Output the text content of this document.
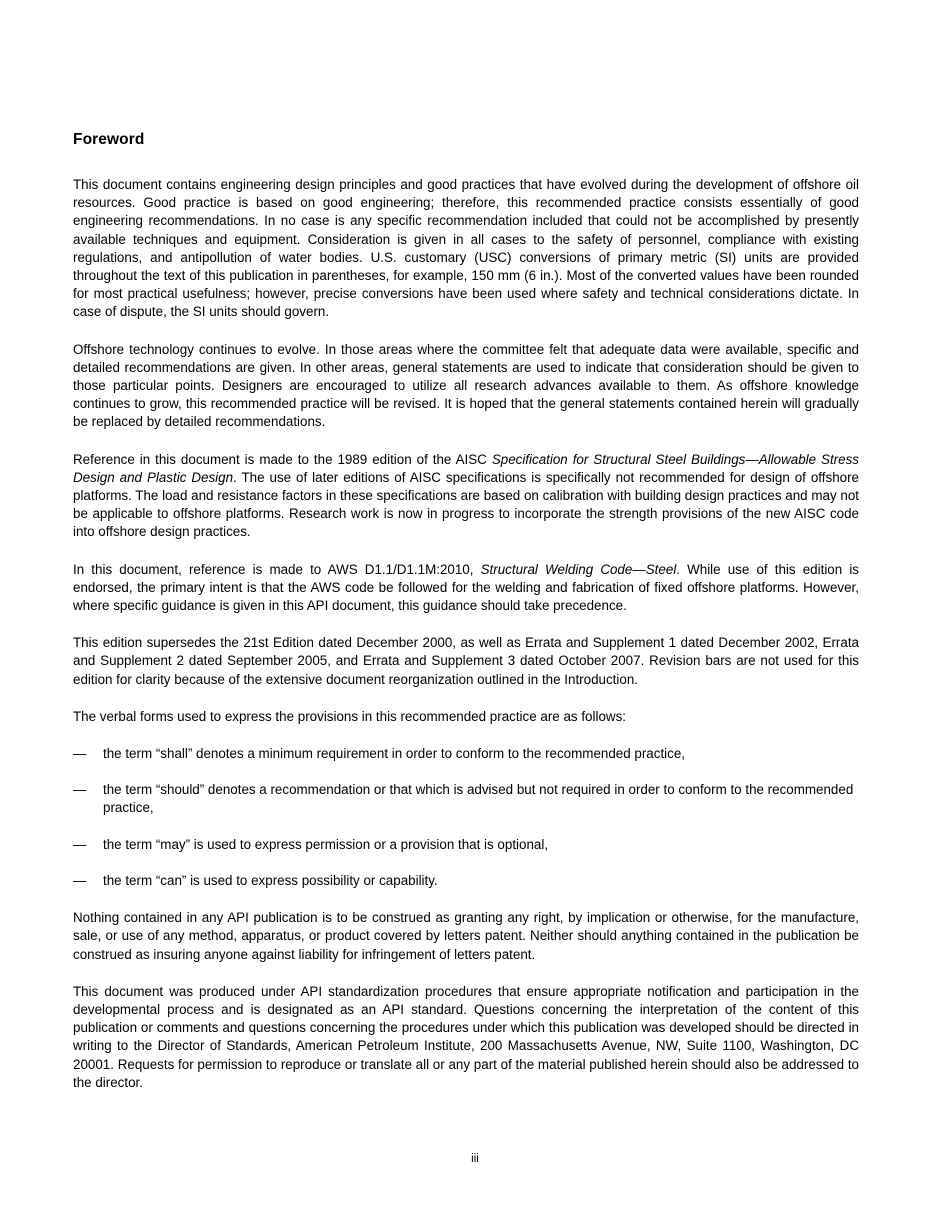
Foreword

This document contains engineering design principles and good practices that have evolved during the development of offshore oil resources. Good practice is based on good engineering; therefore, this recommended practice consists essentially of good engineering recommendations. In no case is any specific recommendation included that could not be accomplished by presently available techniques and equipment. Consideration is given in all cases to the safety of personnel, compliance with existing regulations, and antipollution of water bodies. U.S. customary (USC) conversions of primary metric (SI) units are provided throughout the text of this publication in parentheses, for example, 150 mm (6 in.). Most of the converted values have been rounded for most practical usefulness; however, precise conversions have been used where safety and technical considerations dictate. In case of dispute, the SI units should govern.

Offshore technology continues to evolve. In those areas where the committee felt that adequate data were available, specific and detailed recommendations are given. In other areas, general statements are used to indicate that consideration should be given to those particular points. Designers are encouraged to utilize all research advances available to them. As offshore knowledge continues to grow, this recommended practice will be revised. It is hoped that the general statements contained herein will gradually be replaced by detailed recommendations.

Reference in this document is made to the 1989 edition of the AISC Specification for Structural Steel Buildings—Allowable Stress Design and Plastic Design. The use of later editions of AISC specifications is specifically not recommended for design of offshore platforms. The load and resistance factors in these specifications are based on calibration with building design practices and may not be applicable to offshore platforms. Research work is now in progress to incorporate the strength provisions of the new AISC code into offshore design practices.

In this document, reference is made to AWS D1.1/D1.1M:2010, Structural Welding Code—Steel. While use of this edition is endorsed, the primary intent is that the AWS code be followed for the welding and fabrication of fixed offshore platforms. However, where specific guidance is given in this API document, this guidance should take precedence.

This edition supersedes the 21st Edition dated December 2000, as well as Errata and Supplement 1 dated December 2002, Errata and Supplement 2 dated September 2005, and Errata and Supplement 3 dated October 2007. Revision bars are not used for this edition for clarity because of the extensive document reorganization outlined in the Introduction.

The verbal forms used to express the provisions in this recommended practice are as follows:

—	the term “shall” denotes a minimum requirement in order to conform to the recommended practice,
—	the term “should” denotes a recommendation or that which is advised but not required in order to conform to the recommended practice,
—	the term “may” is used to express permission or a provision that is optional,
—	the term “can” is used to express possibility or capability.

Nothing contained in any API publication is to be construed as granting any right, by implication or otherwise, for the manufacture, sale, or use of any method, apparatus, or product covered by letters patent. Neither should anything contained in the publication be construed as insuring anyone against liability for infringement of letters patent.

This document was produced under API standardization procedures that ensure appropriate notification and participation in the developmental process and is designated as an API standard. Questions concerning the interpretation of the content of this publication or comments and questions concerning the procedures under which this publication was developed should be directed in writing to the Director of Standards, American Petroleum Institute, 200 Massachusetts Avenue, NW, Suite 1100, Washington, DC 20001. Requests for permission to reproduce or translate all or any part of the material published herein should also be addressed to the director.

iii
